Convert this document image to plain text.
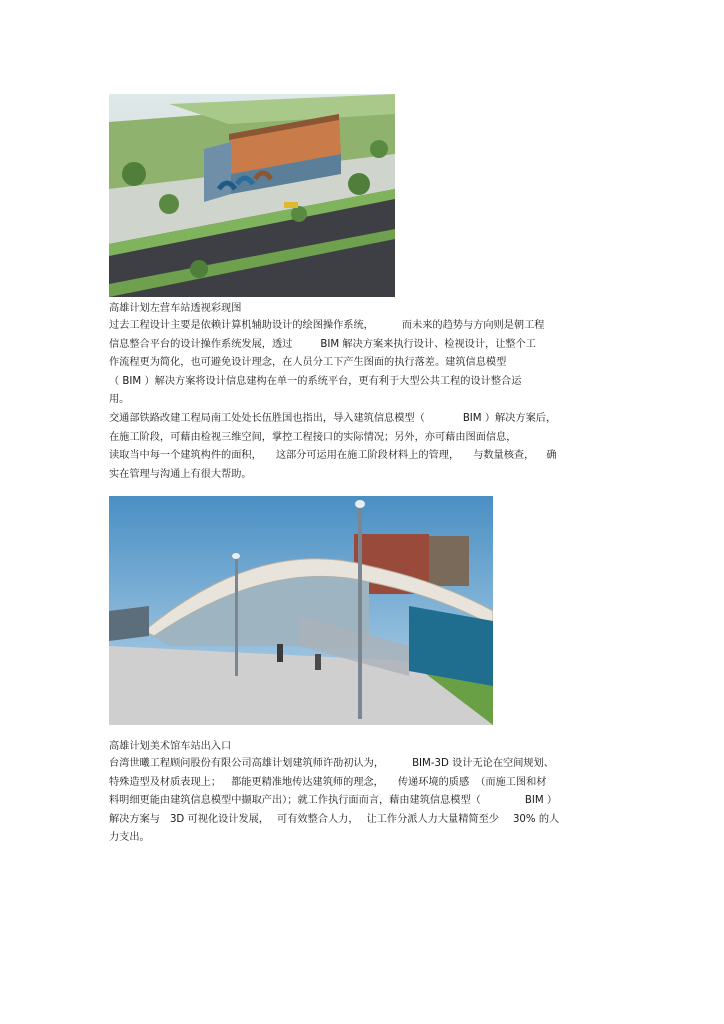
高雄计划左营车站透视彩现图
过去工程设计主要是依赖计算机辅助设计的绘图操作系统，	而未来的趋势与方向则是朝工程
信息整合平台的设计操作系统发展，透过	BIM 解决方案来执行设计、检视设计，让整个工
作流程更为简化，也可避免设计理念，在人员分工下产生图面的执行落差。建筑信息模型
（ BIM ）解决方案将设计信息建构在单一的系统平台，更有利于大型公共工程的设计整合运
用。
交通部铁路改建工程局南工处处长伍胜国也指出，导入建筑信息模型（	BIM ）解决方案后，
在施工阶段，可藉由检视三维空间，掌控工程接口的实际情况；另外，亦可藉由图面信息，
读取当中每一个建筑构件的面积， 这部分可运用在施工阶段材料上的管理， 与数量核查， 确
实在管理与沟通上有很大帮助。
高雄计划美术馆车站出入口
台湾世曦工程顾问股份有限公司高雄计划建筑师许劭初认为，	BIM-3D 设计无论在空间规划、
特殊造型及材质表现上； 都能更精准地传达建筑师的理念， 传递环境的质感 （而施工图和材
料明细更能由建筑信息模型中撷取产出）；就工作执行面而言，藉由建筑信息模型（	BIM ）
解决方案与 3D 可视化设计发展， 可有效整合人力， 让工作分派人力大量精简至少 30% 的人
力支出。
